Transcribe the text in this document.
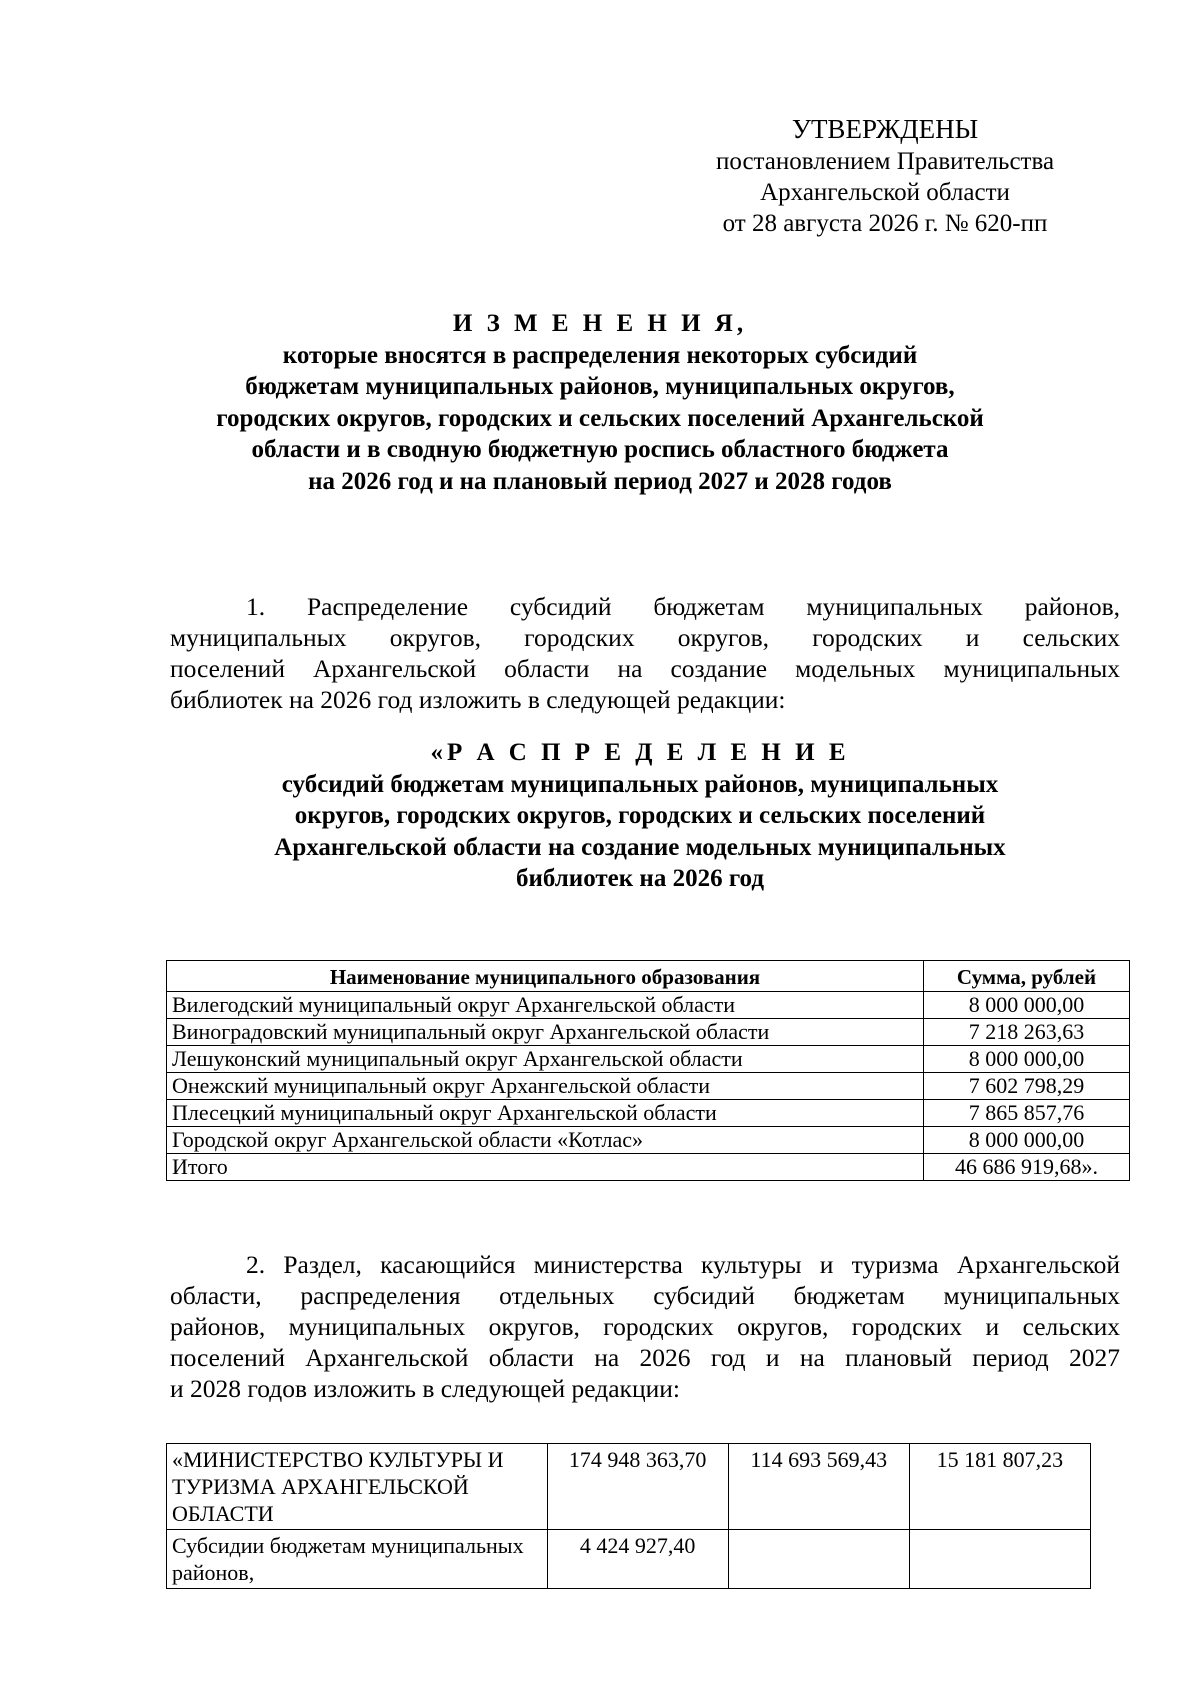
УТВЕРЖДЕНЫ
постановлением Правительства
Архангельской области
от 28 августа 2026 г. № 620-пп
И З М Е Н Е Н И Я,
которые вносятся в распределения некоторых субсидий
бюджетам муниципальных районов, муниципальных округов,
городских округов, городских и сельских поселений Архангельской
области и в сводную бюджетную роспись областного бюджета
на 2026 год и на плановый период 2027 и 2028 годов
1. Распределение субсидий бюджетам муниципальных районов,
муниципальных округов, городских округов, городских и сельских
поселений Архангельской области на создание модельных муниципальных
библиотек на 2026 год изложить в следующей редакции:
«Р А С П Р Е Д Е Л Е Н И Е
субсидий бюджетам муниципальных районов, муниципальных
округов, городских округов, городских и сельских поселений
Архангельской области на создание модельных муниципальных
библиотек на 2026 год
Наименование муниципального образования	Сумма, рублей
Вилегодский муниципальный округ Архангельской области	8 000 000,00
Виноградовский муниципальный округ Архангельской области	7 218 263,63
Лешуконский муниципальный округ Архангельской области	8 000 000,00
Онежский муниципальный округ Архангельской области	7 602 798,29
Плесецкий муниципальный округ Архангельской области	7 865 857,76
Городской округ Архангельской области «Котлас»	8 000 000,00
Итого	46 686 919,68».
2. Раздел, касающийся министерства культуры и туризма Архангельской
области, распределения отдельных субсидий бюджетам муниципальных
районов, муниципальных округов, городских округов, городских и сельских
поселений Архангельской области на 2026 год и на плановый период 2027
и 2028 годов изложить в следующей редакции:
«МИНИСТЕРСТВО КУЛЬТУРЫ И ТУРИЗМА АРХАНГЕЛЬСКОЙ ОБЛАСТИ	174 948 363,70	114 693 569,43	15 181 807,23
Субсидии бюджетам муниципальных районов,	4 424 927,40		
